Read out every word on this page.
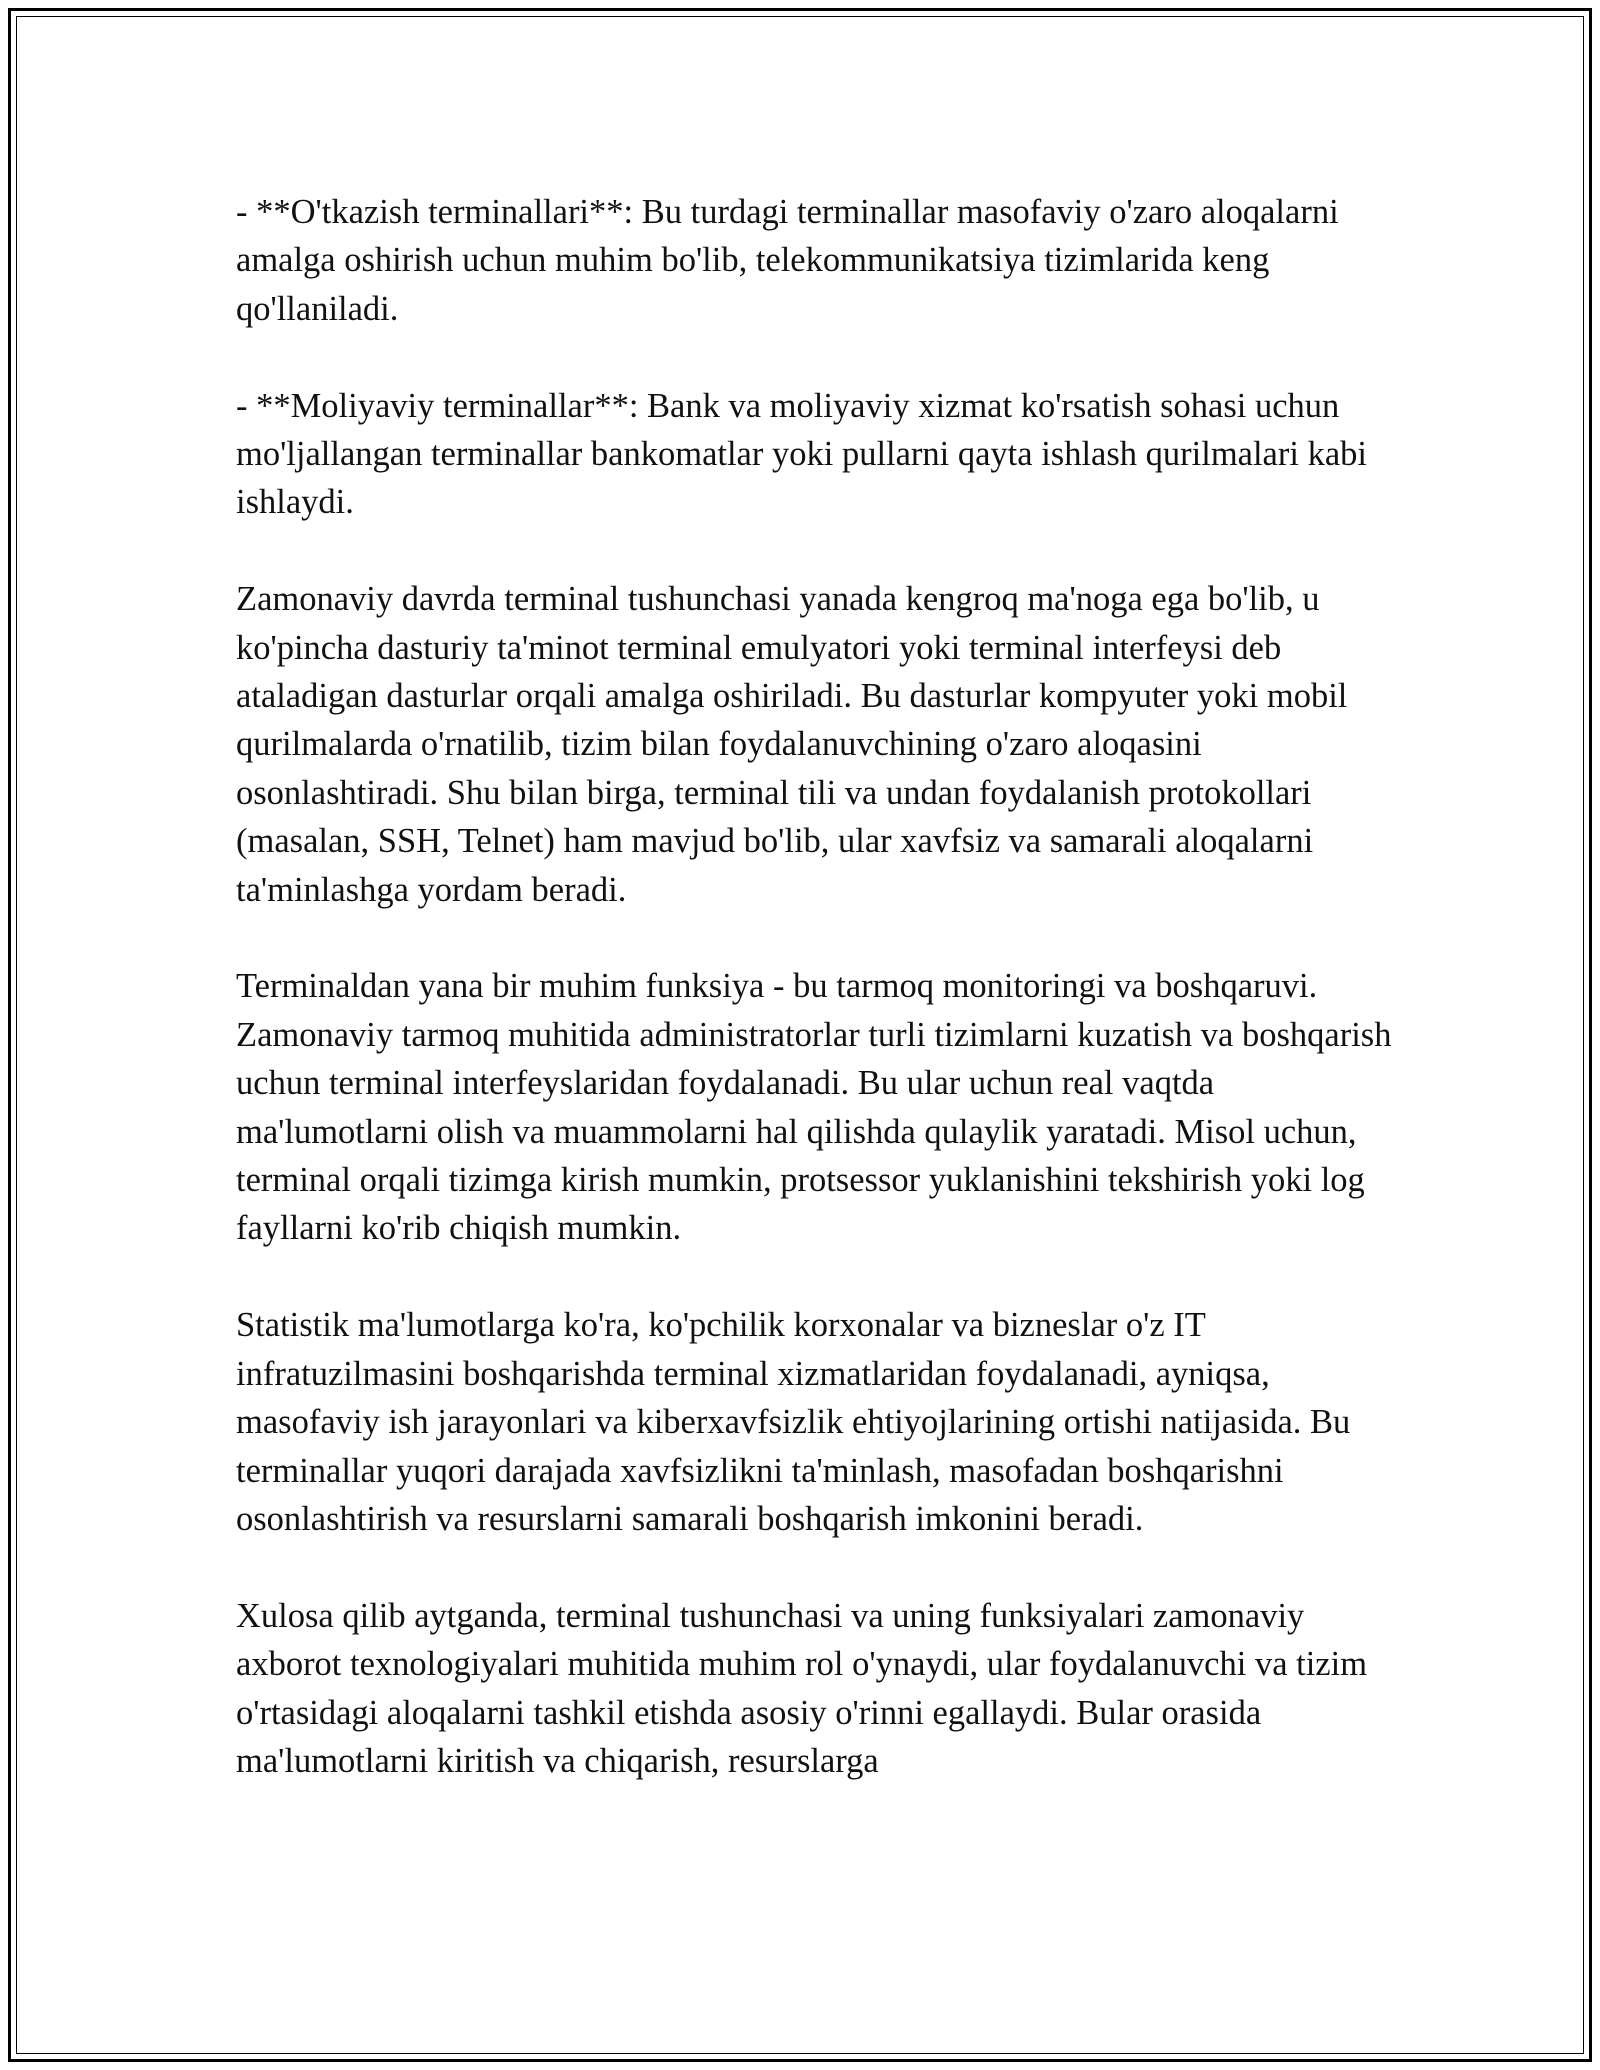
- **O'tkazish terminallari**: Bu turdagi terminallar masofaviy o'zaro aloqalarni amalga oshirish uchun muhim bo'lib, telekommunikatsiya tizimlarida keng qo'llaniladi.

- **Moliyaviy terminallar**: Bank va moliyaviy xizmat ko'rsatish sohasi uchun mo'ljallangan terminallar bankomatlar yoki pullarni qayta ishlash qurilmalari kabi ishlaydi.

Zamonaviy davrda terminal tushunchasi yanada kengroq ma'noga ega bo'lib, u ko'pincha dasturiy ta'minot terminal emulyatori yoki terminal interfeysi deb ataladigan dasturlar orqali amalga oshiriladi. Bu dasturlar kompyuter yoki mobil qurilmalarda o'rnatilib, tizim bilan foydalanuvchining o'zaro aloqasini osonlashtiradi. Shu bilan birga, terminal tili va undan foydalanish protokollari (masalan, SSH, Telnet) ham mavjud bo'lib, ular xavfsiz va samarali aloqalarni ta'minlashga yordam beradi.

Terminaldan yana bir muhim funksiya - bu tarmoq monitoringi va boshqaruvi. Zamonaviy tarmoq muhitida administratorlar turli tizimlarni kuzatish va boshqarish uchun terminal interfeyslaridan foydalanadi. Bu ular uchun real vaqtda ma'lumotlarni olish va muammolarni hal qilishda qulaylik yaratadi. Misol uchun, terminal orqali tizimga kirish mumkin, protsessor yuklanishini tekshirish yoki log fayllarni ko'rib chiqish mumkin.

Statistik ma'lumotlarga ko'ra, ko'pchilik korxonalar va bizneslar o'z IT infratuzilmasini boshqarishda terminal xizmatlaridan foydalanadi, ayniqsa, masofaviy ish jarayonlari va kiberxavfsizlik ehtiyojlarining ortishi natijasida. Bu terminallar yuqori darajada xavfsizlikni ta'minlash, masofadan boshqarishni osonlashtirish va resurslarni samarali boshqarish imkonini beradi.

Xulosa qilib aytganda, terminal tushunchasi va uning funksiyalari zamonaviy axborot texnologiyalari muhitida muhim rol o'ynaydi, ular foydalanuvchi va tizim o'rtasidagi aloqalarni tashkil etishda asosiy o'rinni egallaydi. Bular orasida ma'lumotlarni kiritish va chiqarish, resurslarga
